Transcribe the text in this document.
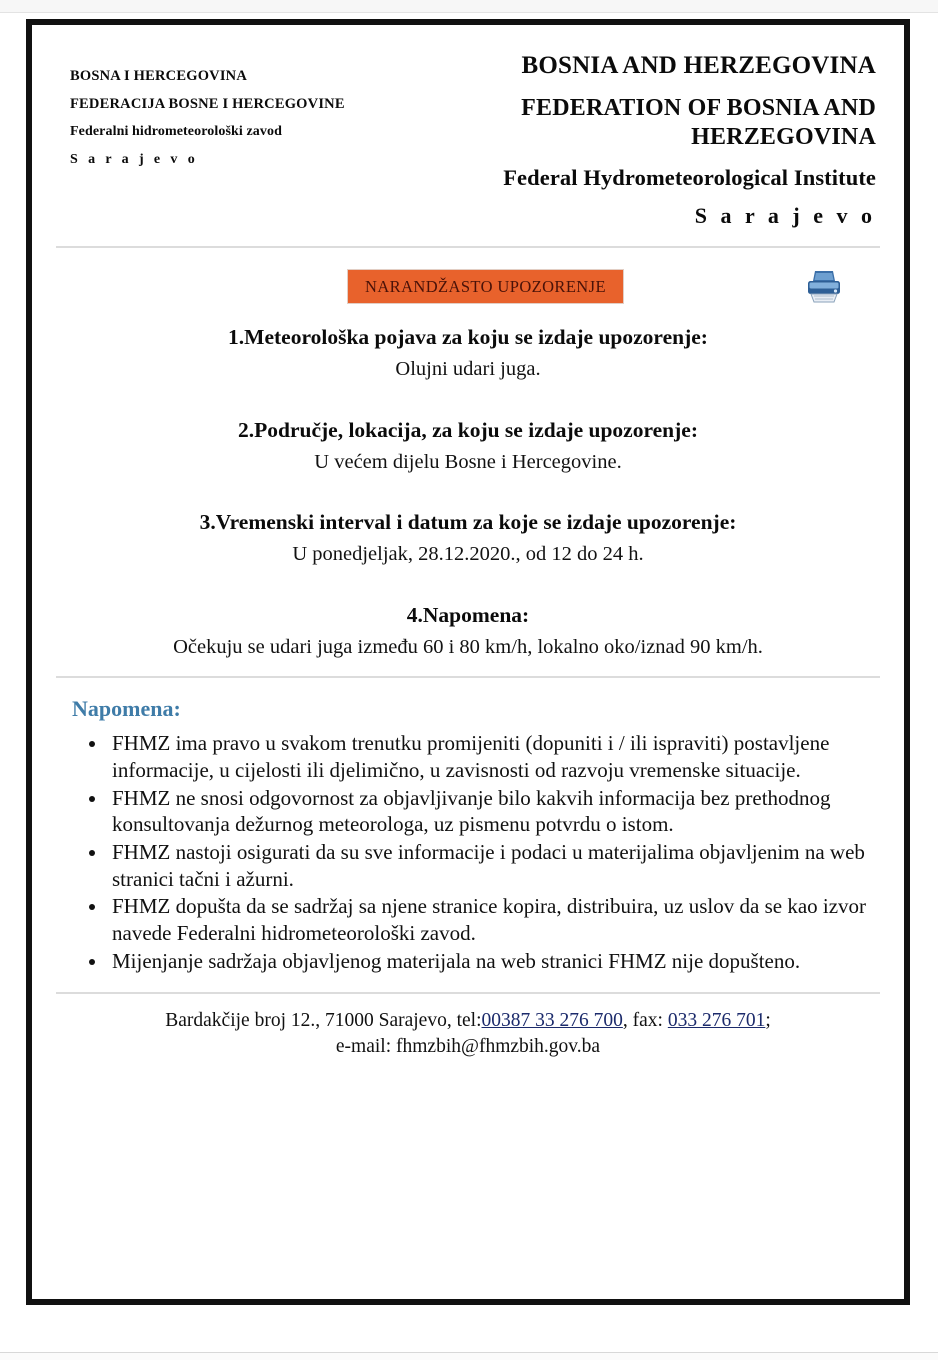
BOSNA I HERCEGOVINA
FEDERACIJA BOSNE I HERCEGOVINE
Federalni hidrometeorološki zavod
S a r a j e v o
BOSNIA AND HERZEGOVINA
FEDERATION OF BOSNIA AND HERZEGOVINA
Federal Hydrometeorological Institute
S a r a j e v o
NARANDŽASTO UPOZORENJE

1.Meteorološka pojava za koju se izdaje upozorenje:

Olujni udari juga.

2.Područje, lokacija, za koju se izdaje upozorenje:

U većem dijelu Bosne i Hercegovine.

3.Vremenski interval i datum za koje se izdaje upozorenje:

U ponedjeljak, 28.12.2020., od 12 do 24 h.

4.Napomena:

Očekuju se udari juga između 60 i 80 km/h, lokalno oko/iznad 90 km/h.

Napomena:
• FHMZ ima pravo u svakom trenutku promijeniti (dopuniti i / ili ispraviti) postavljene informacije, u cijelosti ili djelimično, u zavisnosti od razvoju vremenske situacije.
• FHMZ ne snosi odgovornost za objavljivanje bilo kakvih informacija bez prethodnog konsultovanja dežurnog meteorologa, uz pismenu potvrdu o istom.
• FHMZ nastoji osigurati da su sve informacije i podaci u materijalima objavljenim na web stranici tačni i ažurni.
• FHMZ dopušta da se sadržaj sa njene stranice kopira, distribuira, uz uslov da se kao izvor navede Federalni hidrometeorološki zavod.
• Mijenjanje sadržaja objavljenog materijala na web stranici FHMZ nije dopušteno.
Bardakčije broj 12., 71000 Sarajevo, tel:00387 33 276 700, fax: 033 276 701;
e-mail: fhmzbih@fhmzbih.gov.ba
